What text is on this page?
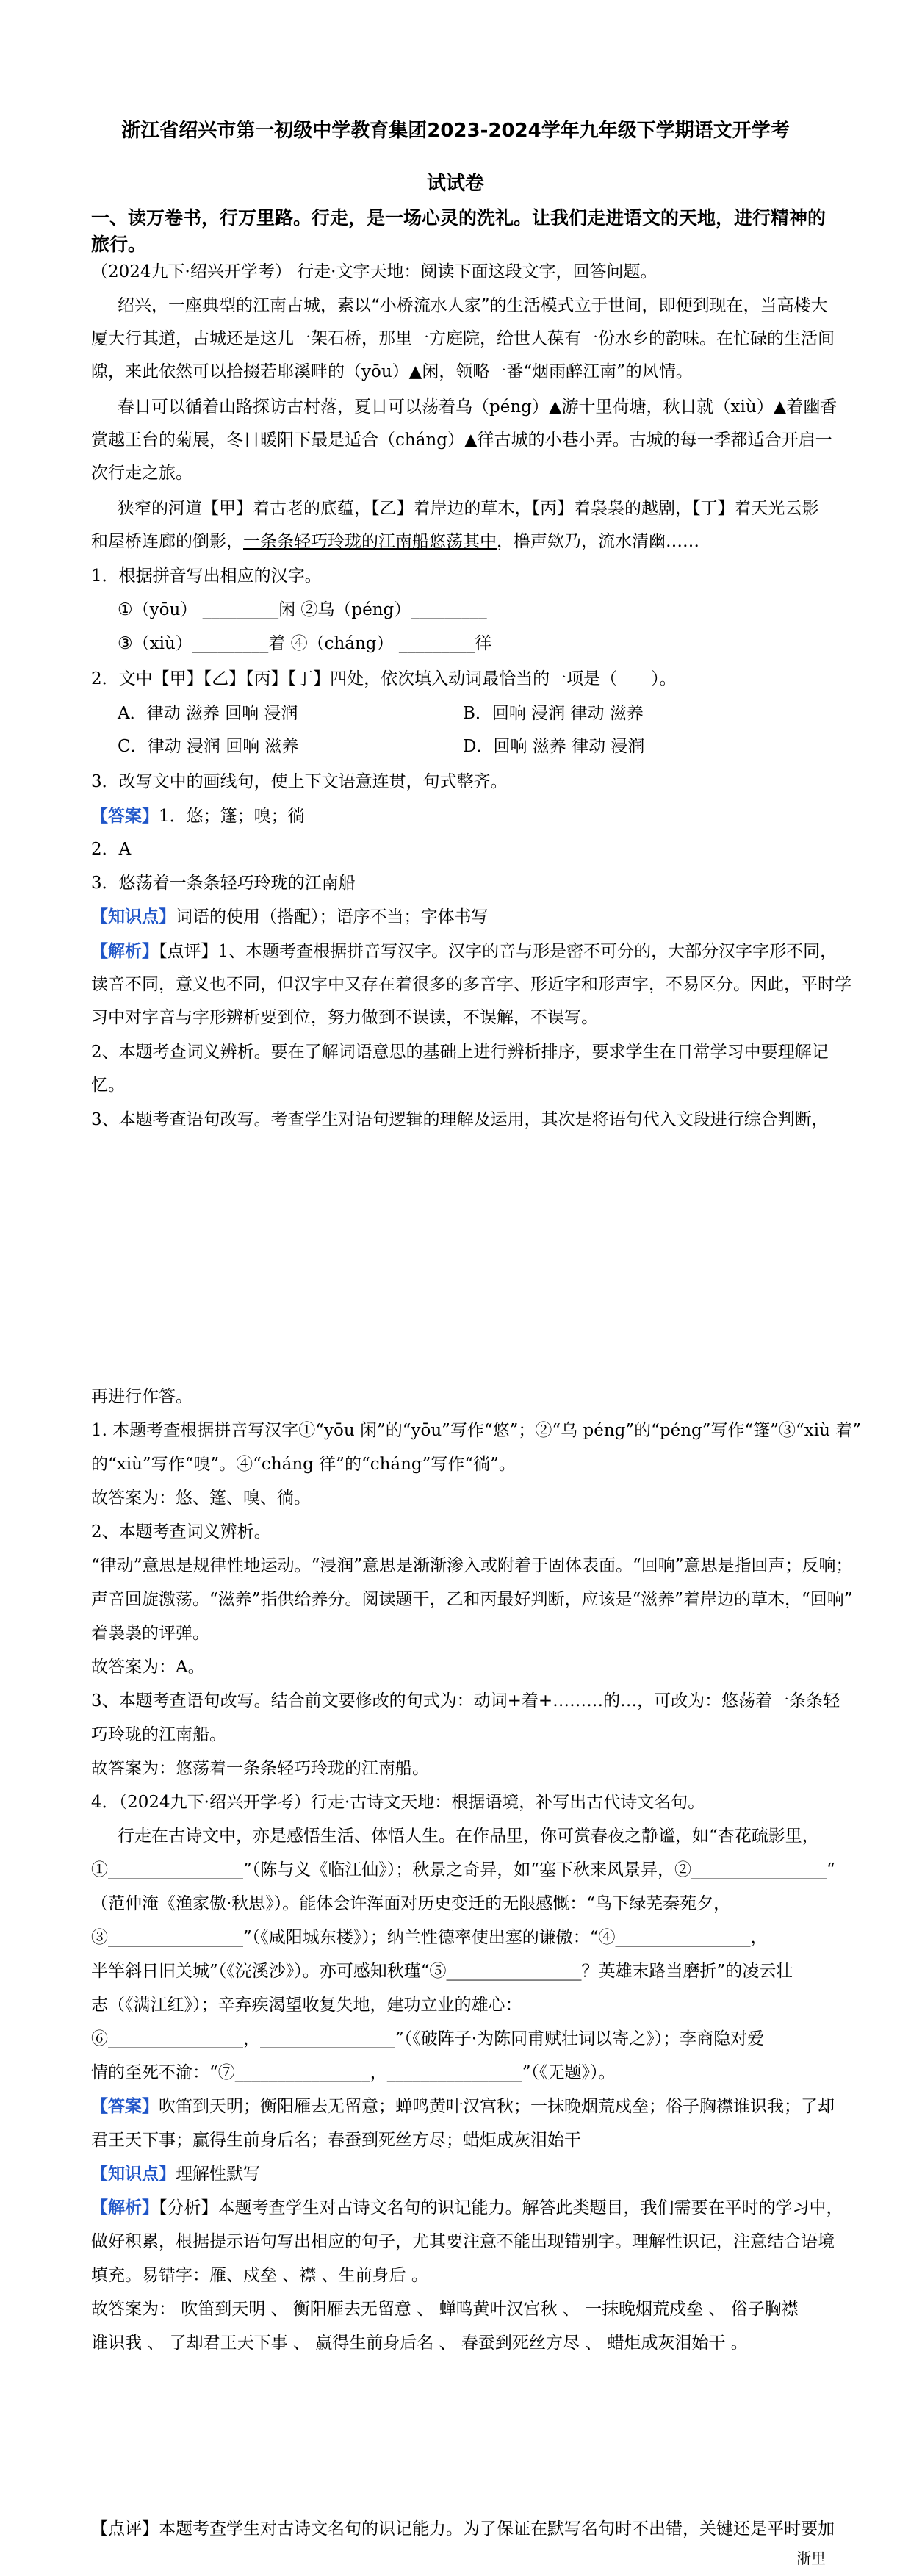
浙江省绍兴市第一初级中学教育集团2023-2024学年九年级下学期语文开学考
试试卷
一、读万卷书，行万里路。行走，是一场心灵的洗礼。让我们走进语文的天地，进行精神的
旅行。
（2024九下·绍兴开学考） 行走·文字天地：阅读下面这段文字，回答问题。
绍兴，一座典型的江南古城，素以“小桥流水人家”的生活模式立于世间，即便到现在，当高楼大
厦大行其道，古城还是这儿一架石桥，那里一方庭院，给世人葆有一份水乡的韵味。在忙碌的生活间
隙，来此依然可以拾掇若耶溪畔的（yōu）▲闲，领略一番“烟雨醉江南”的风情。
春日可以循着山路探访古村落，夏日可以荡着乌（péng）▲游十里荷塘，秋日就（xiù）▲着幽香
赏越王台的菊展，冬日暖阳下最是适合（cháng）▲徉古城的小巷小弄。古城的每一季都适合开启一
次行走之旅。
狭窄的河道【甲】着古老的底蕴，【乙】着岸边的草木，【丙】着袅袅的越剧，【丁】着天光云影
和屋桥连廊的倒影，一条条轻巧玲珑的江南船悠荡其中，橹声欸乃，流水清幽……
1．根据拼音写出相应的汉字。
①（yōu） _________闲 ②乌（péng）_________
③（xiù）_________着 ④（cháng） _________徉
2．文中【甲】【乙】【丙】【丁】四处，依次填入动词最恰当的一项是（　　）。
A．律动 滋养 回响 浸润	B．回响 浸润 律动 滋养
C．律动 浸润 回响 滋养	D．回响 滋养 律动 浸润
3．改写文中的画线句，使上下文语意连贯，句式整齐。
【答案】1．悠；篷；嗅；徜
2．A
3．悠荡着一条条轻巧玲珑的江南船
【知识点】词语的使用（搭配）；语序不当；字体书写
【解析】【点评】1、本题考查根据拼音写汉字。汉字的音与形是密不可分的，大部分汉字字形不同，
读音不同，意义也不同，但汉字中又存在着很多的多音字、形近字和形声字，不易区分。因此，平时学
习中对字音与字形辨析要到位，努力做到不误读，不误解，不误写。
2、本题考查词义辨析。要在了解词语意思的基础上进行辨析排序，要求学生在日常学习中要理解记
忆。
3、本题考查语句改写。考查学生对语句逻辑的理解及运用，其次是将语句代入文段进行综合判断，
再进行作答。
1. 本题考查根据拼音写汉字①“yōu 闲”的“yōu”写作“悠”；②“乌 péng”的“péng”写作“篷”③“xiù 着”
的“xiù”写作“嗅”。④“cháng 徉”的“cháng”写作“徜”。
故答案为：悠、篷、嗅、徜。
2、本题考查词义辨析。
“律动”意思是规律性地运动。“浸润”意思是渐渐渗入或附着于固体表面。“回响”意思是指回声；反响；
声音回旋激荡。“滋养”指供给养分。阅读题干，乙和丙最好判断，应该是“滋养”着岸边的草木，“回响”
着袅袅的评弹。
故答案为：A。
3、本题考查语句改写。结合前文要修改的句式为：动词+着+………的…，可改为：悠荡着一条条轻
巧玲珑的江南船。
故答案为：悠荡着一条条轻巧玲珑的江南船。
4．（2024九下·绍兴开学考）行走·古诗文天地：根据语境，补写出古代诗文名句。
行走在古诗文中，亦是感悟生活、体悟人生。在作品里，你可赏春夜之静谧，如“杏花疏影里，
①________________”（陈与义《临江仙》）；秋景之奇异，如“塞下秋来风景异，②________________“
（范仲淹《渔家傲·秋思》）。能体会许浑面对历史变迁的无限感慨：“鸟下绿芜秦苑夕，
③________________”（《咸阳城东楼》）；纳兰性德率使出塞的谦傲：“④________________，
半竿斜日旧关城”（《浣溪沙》）。亦可感知秋瑾“⑤________________？英雄末路当磨折”的凌云壮
志（《满江红》）；辛弃疾渴望收复失地，建功立业的雄心：
⑥________________，________________”（《破阵子·为陈同甫赋壮词以寄之》）；李商隐对爱
情的至死不渝：“⑦________________，________________”（《无题》）。
【答案】吹笛到天明；衡阳雁去无留意；蝉鸣黄叶汉宫秋；一抹晚烟荒戍垒；俗子胸襟谁识我；了却
君王天下事；赢得生前身后名；春蚕到死丝方尽；蜡炬成灰泪始干
【知识点】理解性默写
【解析】【分析】本题考查学生对古诗文名句的识记能力。解答此类题目，我们需要在平时的学习中，
做好积累，根据提示语句写出相应的句子，尤其要注意不能出现错别字。理解性识记，注意结合语境
填充。易错字：雁、戍垒 、襟 、生前身后 。
故答案为： 吹笛到天明 、 衡阳雁去无留意 、 蝉鸣黄叶汉宫秋 、 一抹晚烟荒戍垒 、 俗子胸襟
谁识我 、 了却君王天下事 、 赢得生前身后名 、 春蚕到死丝方尽 、 蜡炬成灰泪始干 。
【点评】本题考查学生对古诗文名句的识记能力。为了保证在默写名句时不出错，关键还是平时要加
浙里
